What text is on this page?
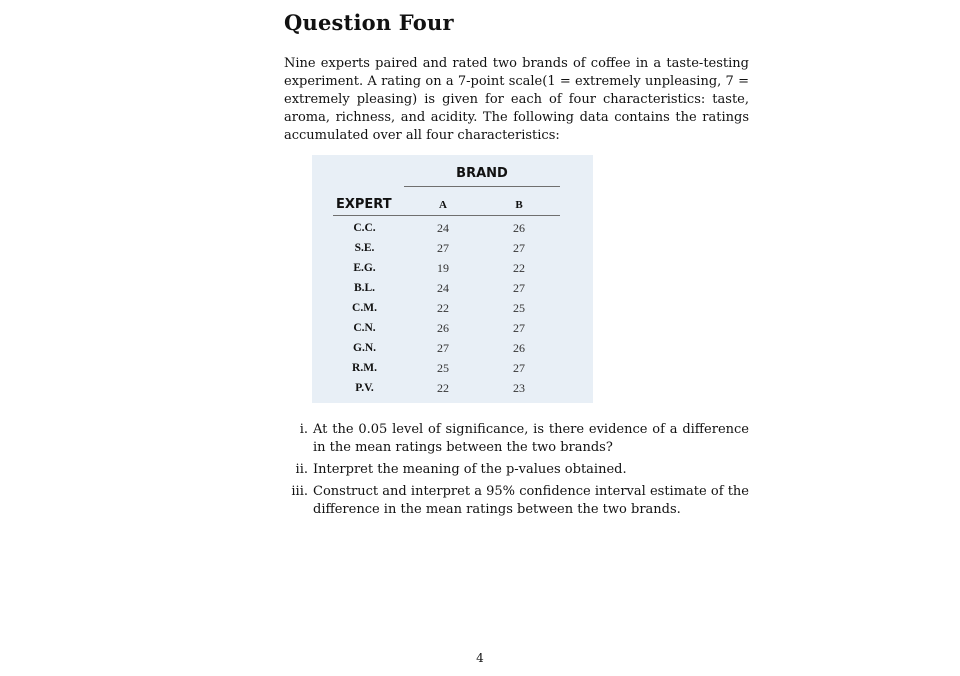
Question Four

Nine experts paired and rated two brands of coffee in a taste-testing experiment. A rating on a 7-point scale(1 = extremely unpleasing, 7 = extremely pleasing) is given for each of four characteristics: taste, aroma, richness, and acidity. The following data contains the ratings accumulated over all four characteristics:

BRAND
EXPERT	A	B
C.C.	24	26
S.E.	27	27
E.G.	19	22
B.L.	24	27
C.M.	22	25
C.N.	26	27
G.N.	27	26
R.M.	25	27
P.V.	22	23
i. At the 0.05 level of significance, is there evidence of a difference in the mean ratings between the two brands?
ii. Interpret the meaning of the p-values obtained.
iii. Construct and interpret a 95% confidence interval estimate of the difference in the mean ratings between the two brands.
4
